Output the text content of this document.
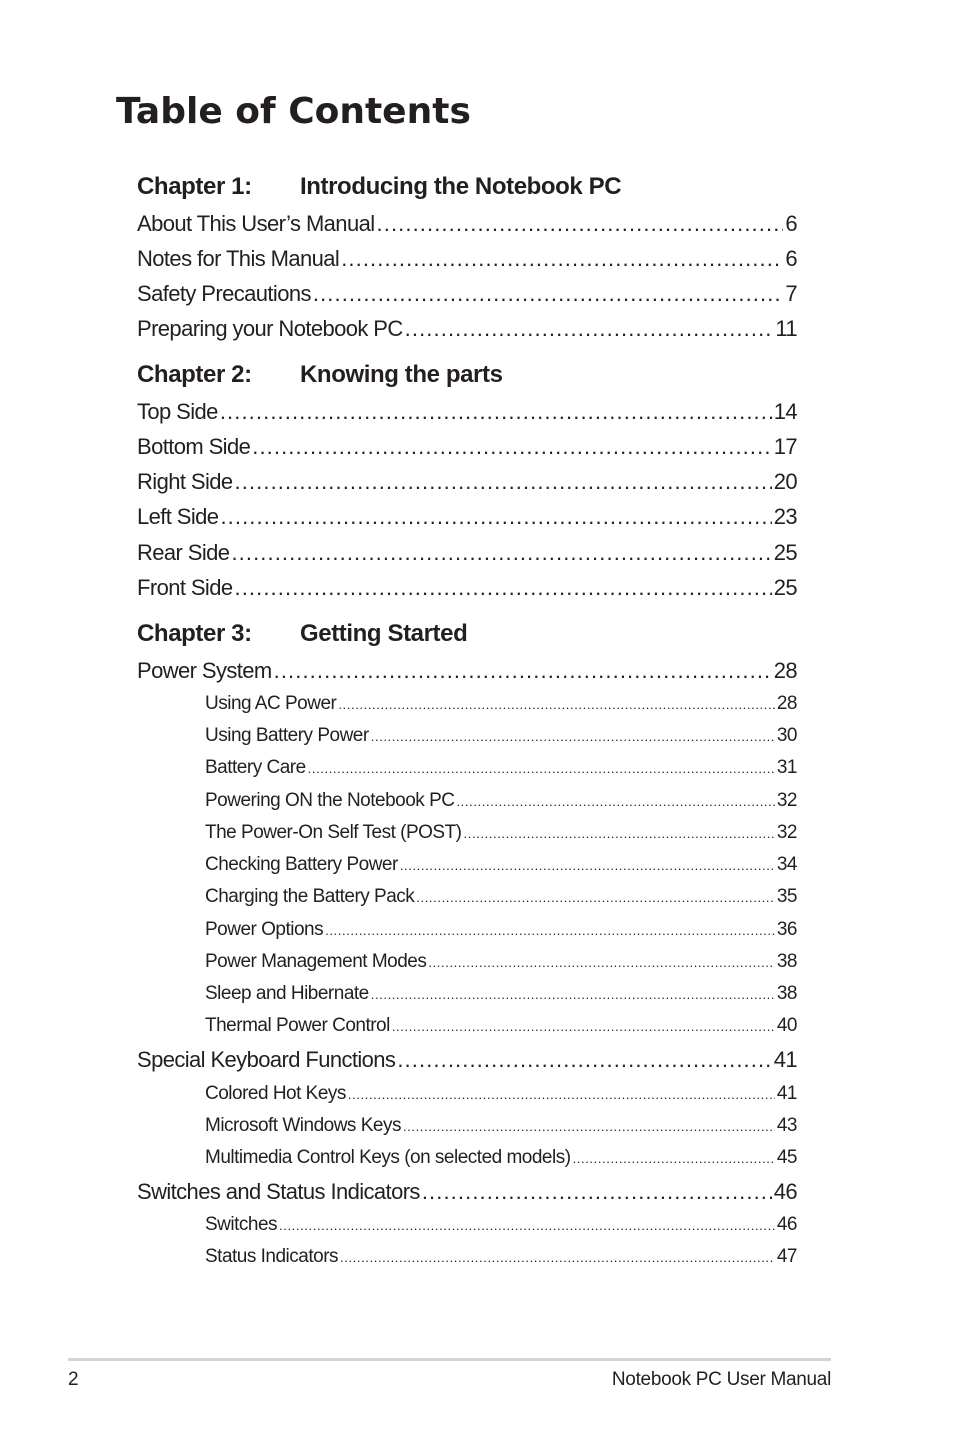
Table of Contents
Chapter 1: Introducing the Notebook PC
About This User’s Manual .....	6
Notes for This Manual .....	6
Safety Precautions .....	7
Preparing your Notebook PC .....	11
Chapter 2: Knowing the parts
Top Side .....	14
Bottom Side .....	17
Right Side .....	20
Left Side .....	23
Rear Side .....	25
Front Side .....	25
Chapter 3: Getting Started
Power System .....	28
Using AC Power .....	28
Using Battery Power .....	30
Battery Care .....	31
Powering ON the Notebook PC .....	32
The Power-On Self Test (POST) .....	32
Checking Battery Power .....	34
Charging the Battery Pack .....	35
Power Options .....	36
Power Management Modes .....	38
Sleep and Hibernate .....	38
Thermal Power Control .....	40
Special Keyboard Functions .....	41
Colored Hot Keys .....	41
Microsoft Windows Keys .....	43
Multimedia Control Keys (on selected models) .....	45
Switches and Status Indicators .....	46
Switches .....	46
Status Indicators .....	47
2	Notebook PC User Manual
